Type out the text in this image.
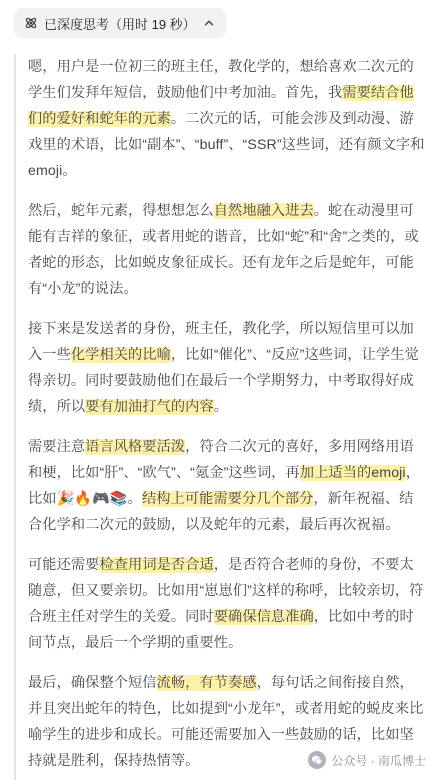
已深度思考（用时 19 秒）

嗯，用户是一位初三的班主任，教化学的，想给喜欢二次元的学生们发拜年短信，鼓励他们中考加油。首先，我需要结合他们的爱好和蛇年的元素。二次元的话，可能会涉及到动漫、游戏里的术语，比如“副本”、“buff”、“SSR”这些词，还有颜文字和emoji。

然后，蛇年元素，得想想怎么自然地融入进去。蛇在动漫里可能有吉祥的象征，或者用蛇的谐音，比如“蛇”和“舍”之类的，或者蛇的形态，比如蜕皮象征成长。还有龙年之后是蛇年，可能有“小龙”的说法。

接下来是发送者的身份，班主任，教化学，所以短信里可以加入一些化学相关的比喻，比如“催化”、“反应”这些词，让学生觉得亲切。同时要鼓励他们在最后一个学期努力，中考取得好成绩，所以要有加油打气的内容。

需要注意语言风格要活泼，符合二次元的喜好，多用网络用语和梗，比如“肝”、“欧气”、“氪金”这些词，再加上适当的emoji，比如🎉🔥🎮📚。结构上可能需要分几个部分，新年祝福、结合化学和二次元的鼓励，以及蛇年的元素，最后再次祝福。

可能还需要检查用词是否合适，是否符合老师的身份，不要太随意，但又要亲切。比如用“崽崽们”这样的称呼，比较亲切，符合班主任对学生的关爱。同时要确保信息准确，比如中考的时间节点，最后一个学期的重要性。

最后，确保整个短信流畅，有节奏感，每句话之间衔接自然，并且突出蛇年的特色，比如提到“小龙年”，或者用蛇的蜕皮来比喻学生的进步和成长。可能还需要加入一些鼓励的话，比如坚持就是胜利，保持热情等。	公众号 · 南瓜博士
